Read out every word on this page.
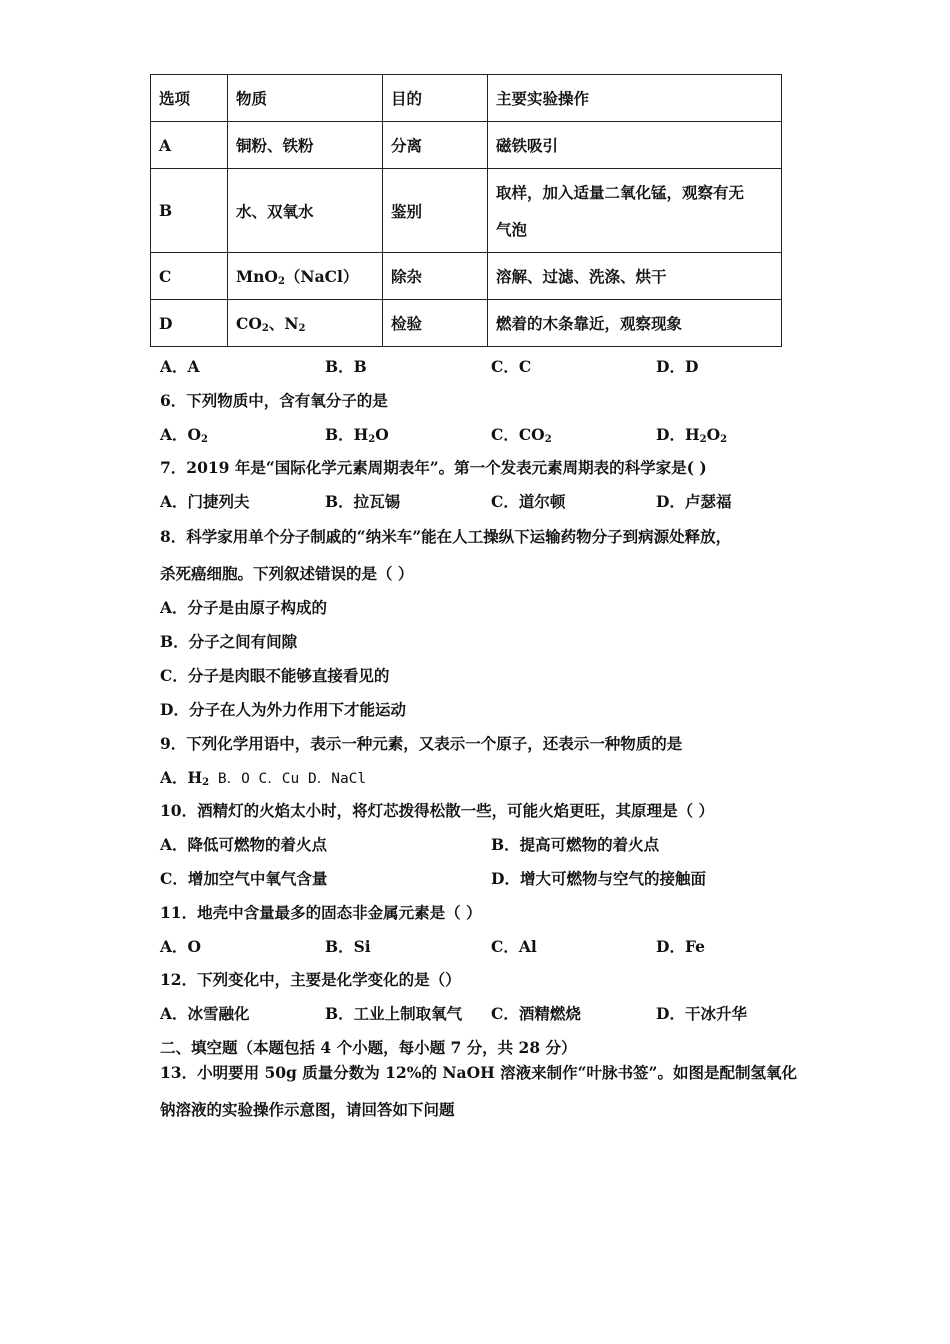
选项	物质	目的	主要实验操作
A	铜粉、铁粉	分离	磁铁吸引
B	水、双氧水	鉴别	取样，加入适量二氧化锰，观察有无
气泡

C	MnO$_2$（NaCl）	除杂	溶解、过滤、洗涤、烘干
D	$CO_2$、$N_2$	检验	燃着的木条靠近，观察现象
A．A	B．B	C．C	D．D
6．下列物质中，含有氧分子的是
A．$O_2$	B．$H_2O$	C．$CO_2$	D．$H_2O_2$
7．2019 年是“国际化学元素周期表年”。第一个发表元素周期表的科学家是( )
A．门捷列夫	B．拉瓦锡	C．道尔顿	D．卢瑟福
8．科学家用单个分子制戚的“纳米车”能在人工操纵下运输药物分子到病源处释放，
杀死癌细胞。下列叙述错误的是（ ）
A．分子是由原子构成的
B．分子之间有间隙
C．分子是肉眼不能够直接看见的
D．分子在人为外力作用下才能运动
9．下列化学用语中，表示一种元素，又表示一个原子，还表示一种物质的是
A．$H_2$ B．O C．Cu D．NaCl
10．酒精灯的火焰太小时，将灯芯拨得松散一些，可能火焰更旺，其原理是（ ）
A．降低可燃物的着火点	B．提高可燃物的着火点
C．增加空气中氧气含量	D．增大可燃物与空气的接触面
11．地壳中含量最多的固态非金属元素是（ ）
A．O	B．Si	C．Al	D．Fe
12．下列变化中，主要是化学变化的是（）
A．冰雪融化	B．工业上制取氧气 C．酒精燃烧	D．干冰升华
二、填空题（本题包括 4 个小题，每小题 7 分，共 28 分）
13．小明要用 50g 质量分数为 12%的 NaOH 溶液来制作“叶脉书签”。如图是配制氢氧化
钠溶液的实验操作示意图，请回答如下问题
